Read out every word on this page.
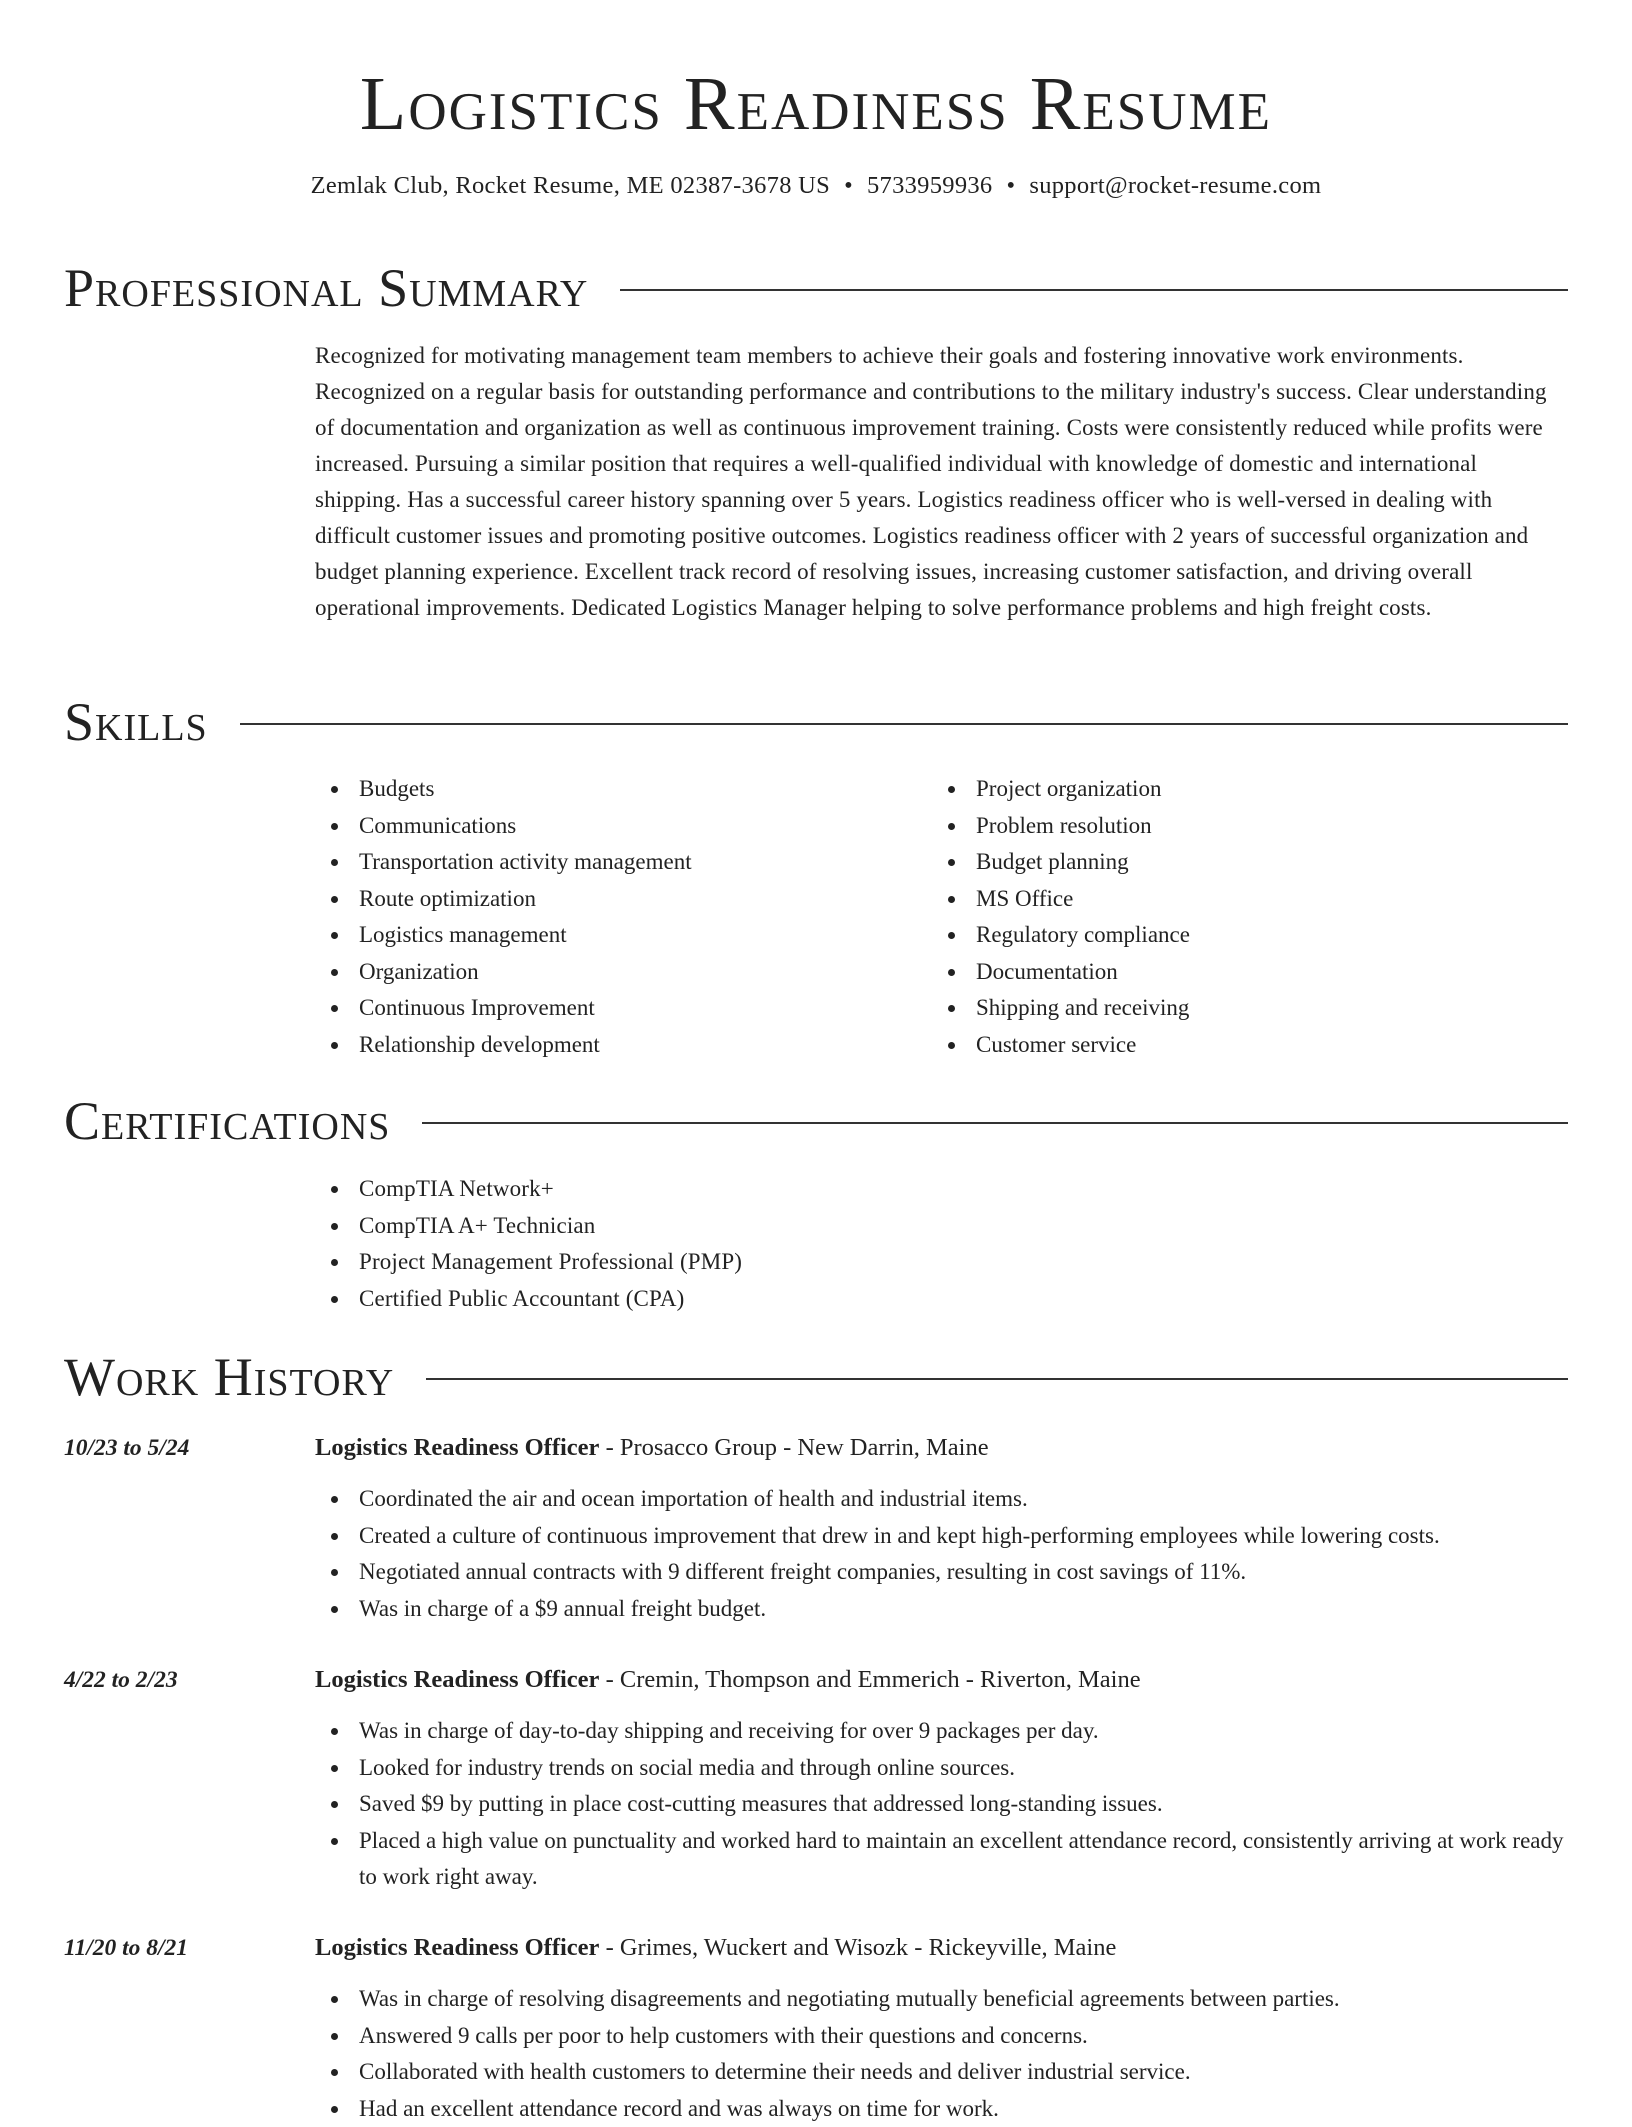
Logistics Readiness Resume
Zemlak Club, Rocket Resume, ME 02387-3678 US • 5733959936 • support@rocket-resume.com
Professional Summary
Recognized for motivating management team members to achieve their goals and fostering innovative work environments. Recognized on a regular basis for outstanding performance and contributions to the military industry's success. Clear understanding of documentation and organization as well as continuous improvement training. Costs were consistently reduced while profits were increased. Pursuing a similar position that requires a well-qualified individual with knowledge of domestic and international shipping. Has a successful career history spanning over 5 years. Logistics readiness officer who is well-versed in dealing with difficult customer issues and promoting positive outcomes. Logistics readiness officer with 2 years of successful organization and budget planning experience. Excellent track record of resolving issues, increasing customer satisfaction, and driving overall operational improvements. Dedicated Logistics Manager helping to solve performance problems and high freight costs.
Skills
Budgets
Communications
Transportation activity management
Route optimization
Logistics management
Organization
Continuous Improvement
Relationship development
Project organization
Problem resolution
Budget planning
MS Office
Regulatory compliance
Documentation
Shipping and receiving
Customer service
Certifications
CompTIA Network+
CompTIA A+ Technician
Project Management Professional (PMP)
Certified Public Accountant (CPA)
Work History
10/23 to 5/24	Logistics Readiness Officer - Prosacco Group - New Darrin, Maine
Coordinated the air and ocean importation of health and industrial items.
Created a culture of continuous improvement that drew in and kept high-performing employees while lowering costs.
Negotiated annual contracts with 9 different freight companies, resulting in cost savings of 11%.
Was in charge of a $9 annual freight budget.
4/22 to 2/23	Logistics Readiness Officer - Cremin, Thompson and Emmerich - Riverton, Maine
Was in charge of day-to-day shipping and receiving for over 9 packages per day.
Looked for industry trends on social media and through online sources.
Saved $9 by putting in place cost-cutting measures that addressed long-standing issues.
Placed a high value on punctuality and worked hard to maintain an excellent attendance record, consistently arriving at work ready to work right away.
11/20 to 8/21	Logistics Readiness Officer - Grimes, Wuckert and Wisozk - Rickeyville, Maine
Was in charge of resolving disagreements and negotiating mutually beneficial agreements between parties.
Answered 9 calls per poor to help customers with their questions and concerns.
Collaborated with health customers to determine their needs and deliver industrial service.
Had an excellent attendance record and was always on time for work.
